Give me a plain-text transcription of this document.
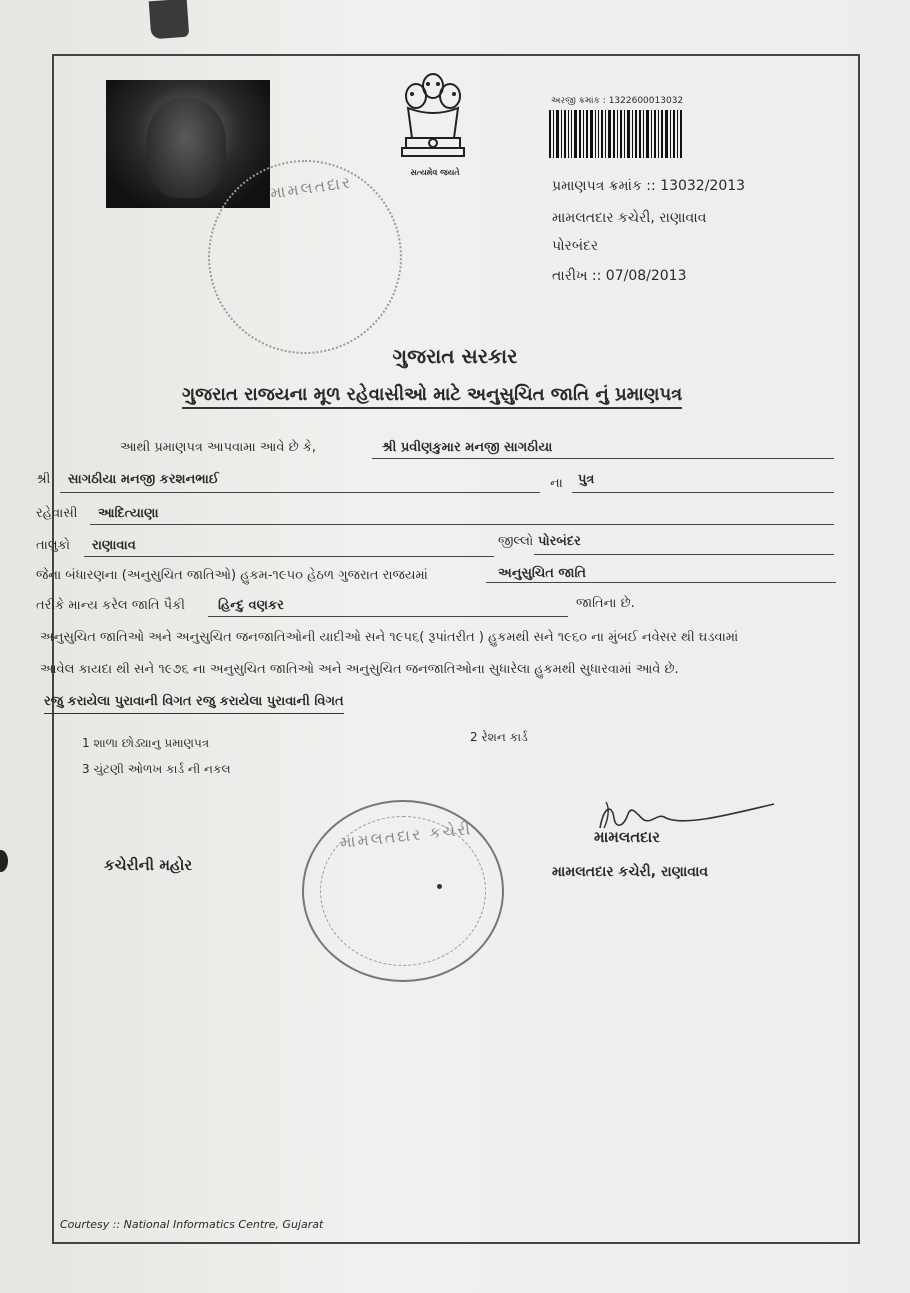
સત્યમેવ જયતે
મામલતદાર
અરજી ક્રમાંક : 1322600013032
પ્રમાણપત્ર ક્રમાંક :: 13032/2013
મામલતદાર કચેરી, રાણાવાવ
પોરબંદર
તારીખ :: 07/08/2013
ગુજરાત સરકાર
ગુજરાત રાજયના મૂળ રહેવાસીઓ માટે અનુસુચિત જાતિ નું પ્રમાણપત્ર
આથી પ્રમાણપત્ર આપવામા આવે છે કે,	શ્રી પ્રવીણકુમાર મનજી સાગઠીયા
શ્રી સાગઠીયા મનજી કરશનભાઈ	ના પુત્ર
રહેવાસી આદિત્યાણા
તાલુકો રાણાવાવ	જીલ્લો પોરબંદર
જેના બંધારણના (અનુસુચિત જાતિઓ) હુકમ-૧૯૫૦ હેઠળ ગુજરાત રાજયમાં	અનુસુચિત જાતિ
તરીકે માન્ય કરેલ જાતિ પૈકી	હિન્દુ વણકર	જાતિના છે.
અનુસુચિત જાતિઓ અને અનુસુચિત જનજાતિઓની યાદીઓ સને ૧૯૫૬( રૂપાંતરીત ) હુકમથી સને ૧૯૬૦ ના મુંબઈ નવેસર થી ઘડવામાં
આવેલ કાયદા થી સને ૧૯૭૬ ના અનુસુચિત જાતિઓ અને અનુસુચિત જનજાતિઓના સુધારેલા હુકમથી સુધારવામાં આવે છે.
રજુ કરાયેલા પુરાવાની વિગત રજુ કરાયેલા પુરાવાની વિગત
1 શાળા છોડ્યાનુ પ્રમાણપત્ર	2 રેશન કાર્ડ
3 ચુંટણી ઓળખ કાર્ડ ની નકલ
મામલતદાર
મામલતદાર કચેરી, રાણાવાવ
કચેરીની મહોર
મામલતદાર કચેરી
Courtesy :: National Informatics Centre, Gujarat
